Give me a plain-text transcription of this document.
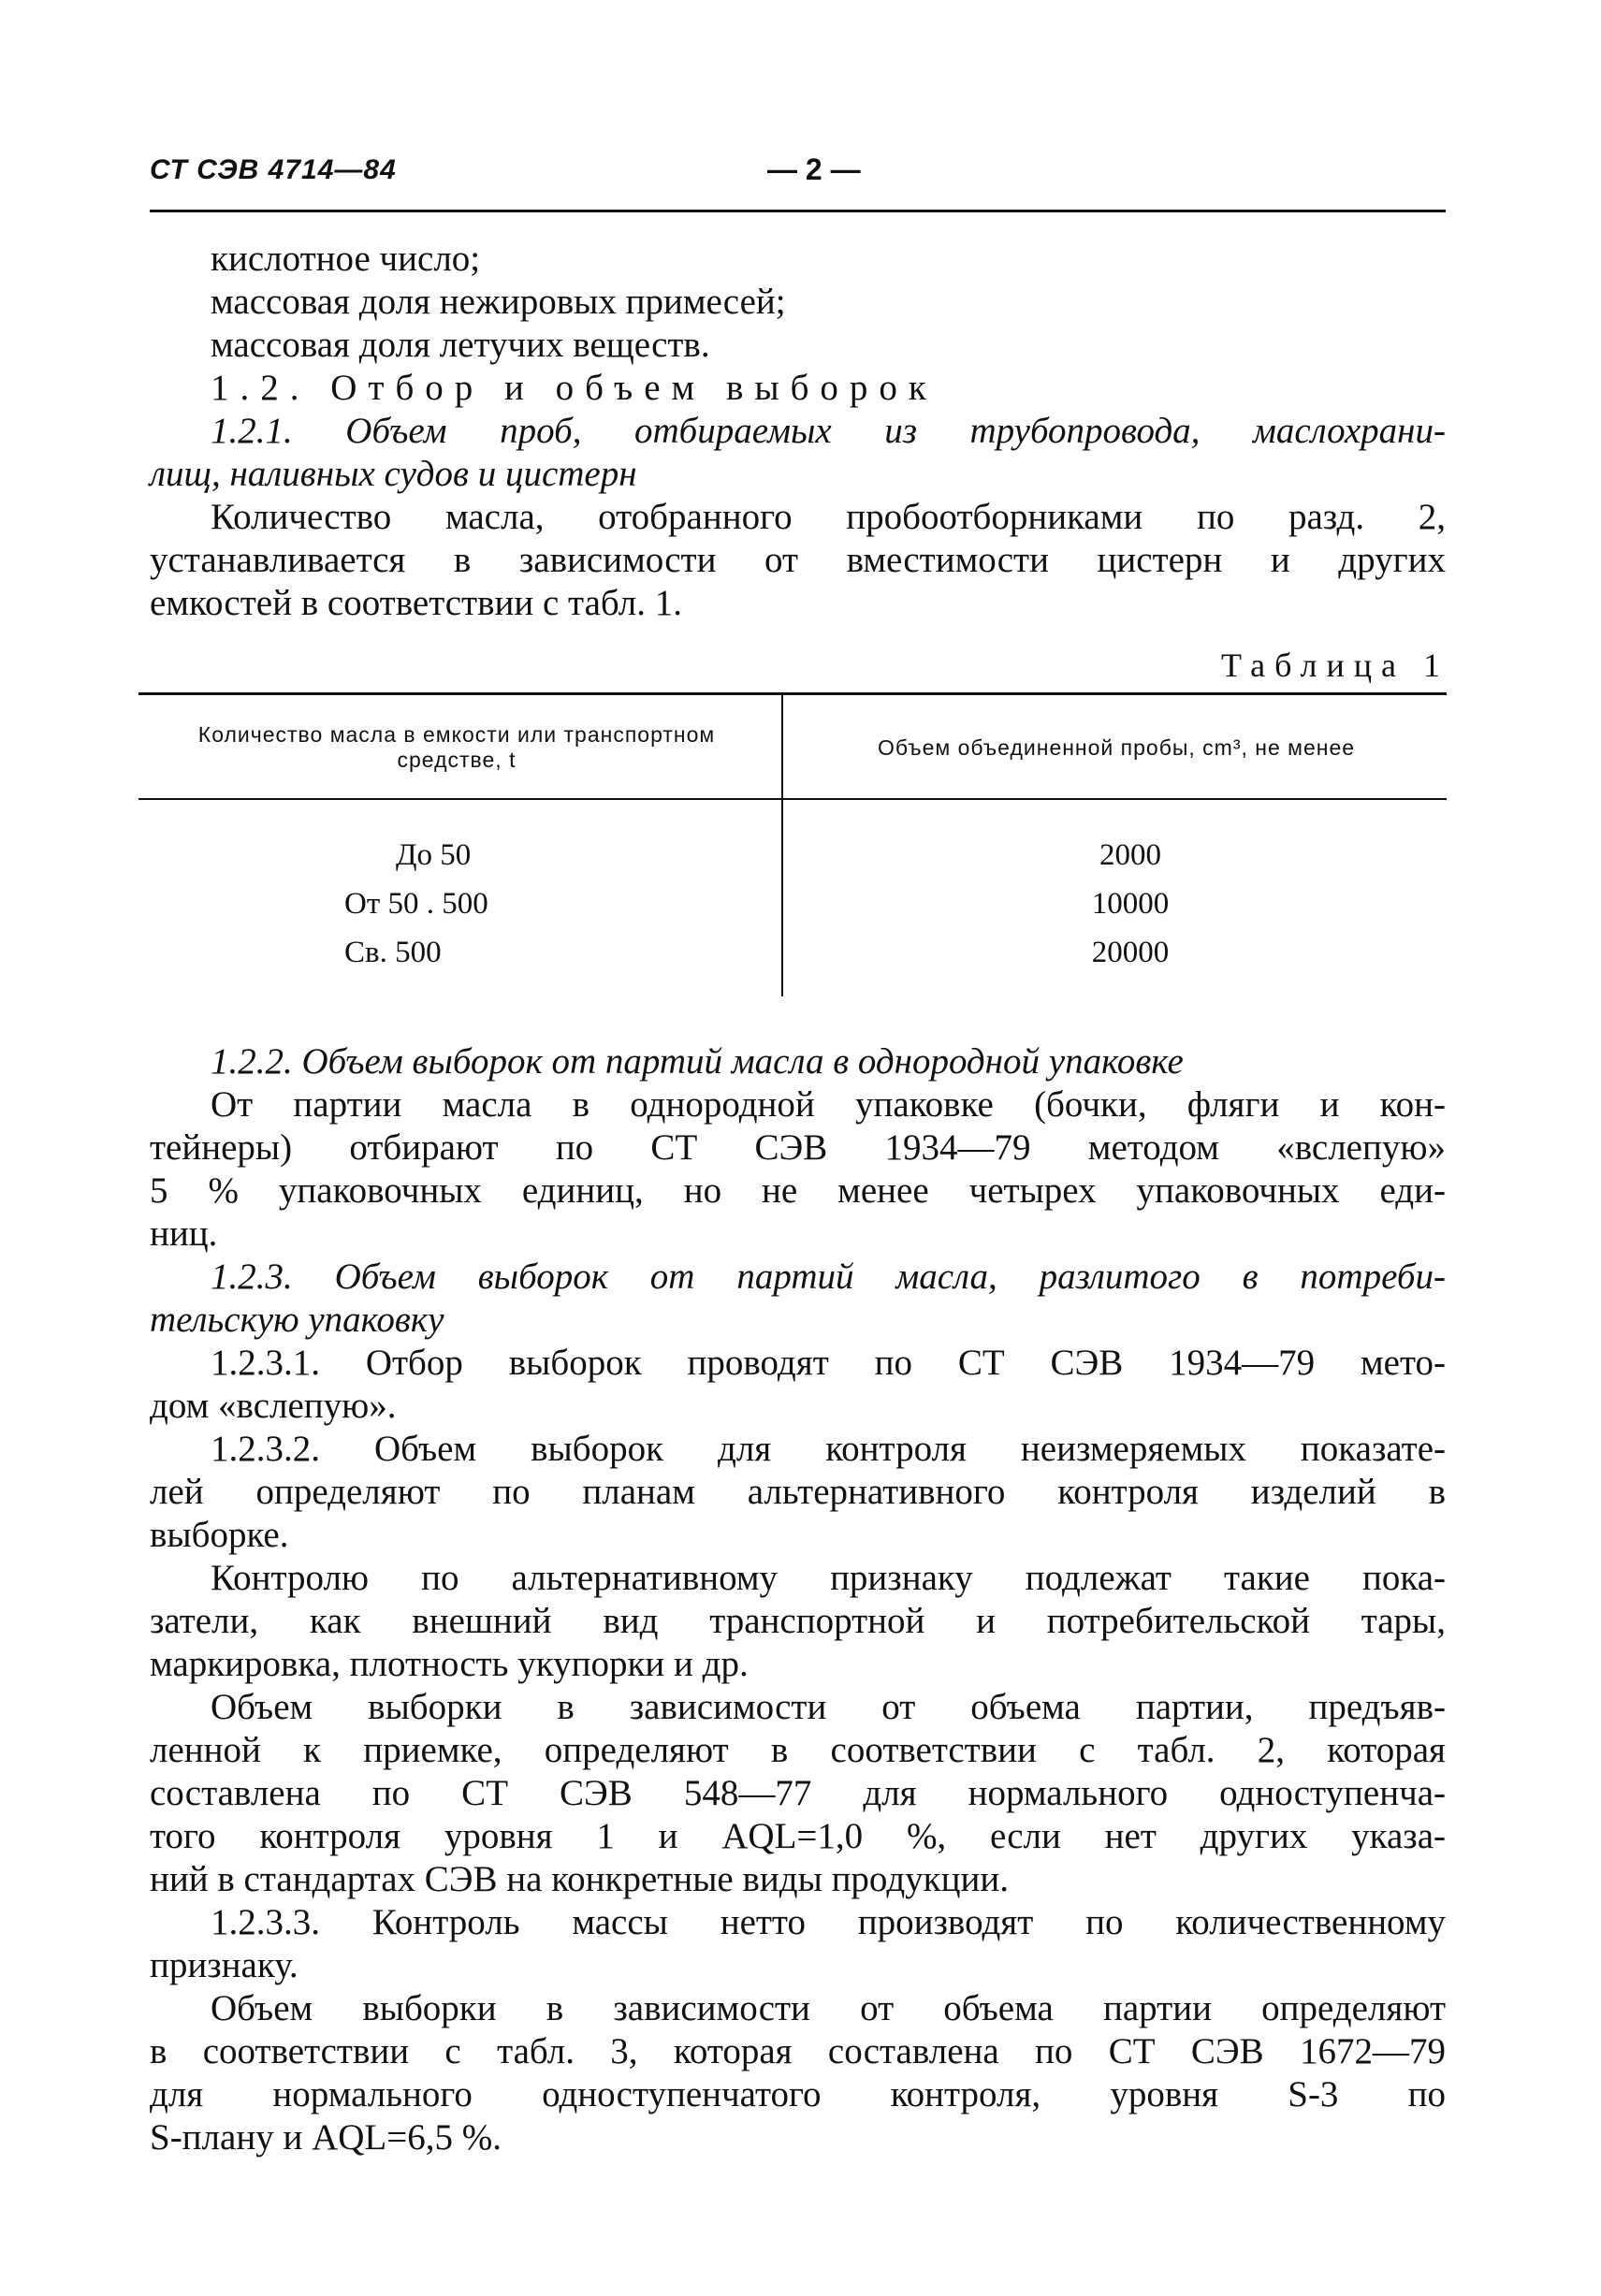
СТ СЭВ 4714—84	— 2 —
кислотное число;
массовая доля нежировых примесей;
массовая доля летучих веществ.
1.2. Отбор и объем выборок
1.2.1. Объем проб, отбираемых из трубопровода, маслохрани-
лищ, наливных судов и цистерн
Количество масла, отобранного пробоотборниками по разд. 2,
устанавливается в зависимости от вместимости цистерн и других
емкостей в соответствии с табл. 1.
Таблица 1
Количество масла в емкости или транспортном средстве, t	Объем объединенной пробы, cm³, не менее
До 50
От 50 . 500
Св. 500
2000
10000
20000
1.2.2. Объем выборок от партий масла в однородной упаковке
От партии масла в однородной упаковке (бочки, фляги и кон-
тейнеры) отбирают по СТ СЭВ 1934—79 методом «вслепую»
5 % упаковочных единиц, но не менее четырех упаковочных еди-
ниц.
1.2.3. Объем выборок от партий масла, разлитого в потреби-
тельскую упаковку
1.2.3.1. Отбор выборок проводят по СТ СЭВ 1934—79 мето-
дом «вслепую».
1.2.3.2. Объем выборок для контроля неизмеряемых показате-
лей определяют по планам альтернативного контроля изделий в
выборке.
Контролю по альтернативному признаку подлежат такие пока-
затели, как внешний вид транспортной и потребительской тары,
маркировка, плотность укупорки и др.
Объем выборки в зависимости от объема партии, предъяв-
ленной к приемке, определяют в соответствии с табл. 2, которая
составлена по СТ СЭВ 548—77 для нормального одноступенча-
того контроля уровня 1 и AQL=1,0 %, если нет других указа-
ний в стандартах СЭВ на конкретные виды продукции.
1.2.3.3. Контроль массы нетто производят по количественному
признаку.
Объем выборки в зависимости от объема партии определяют
в соответствии с табл. 3, которая составлена по СТ СЭВ 1672—79
для нормального одноступенчатого контроля, уровня S-3 по
S-плану и AQL=6,5 %.
